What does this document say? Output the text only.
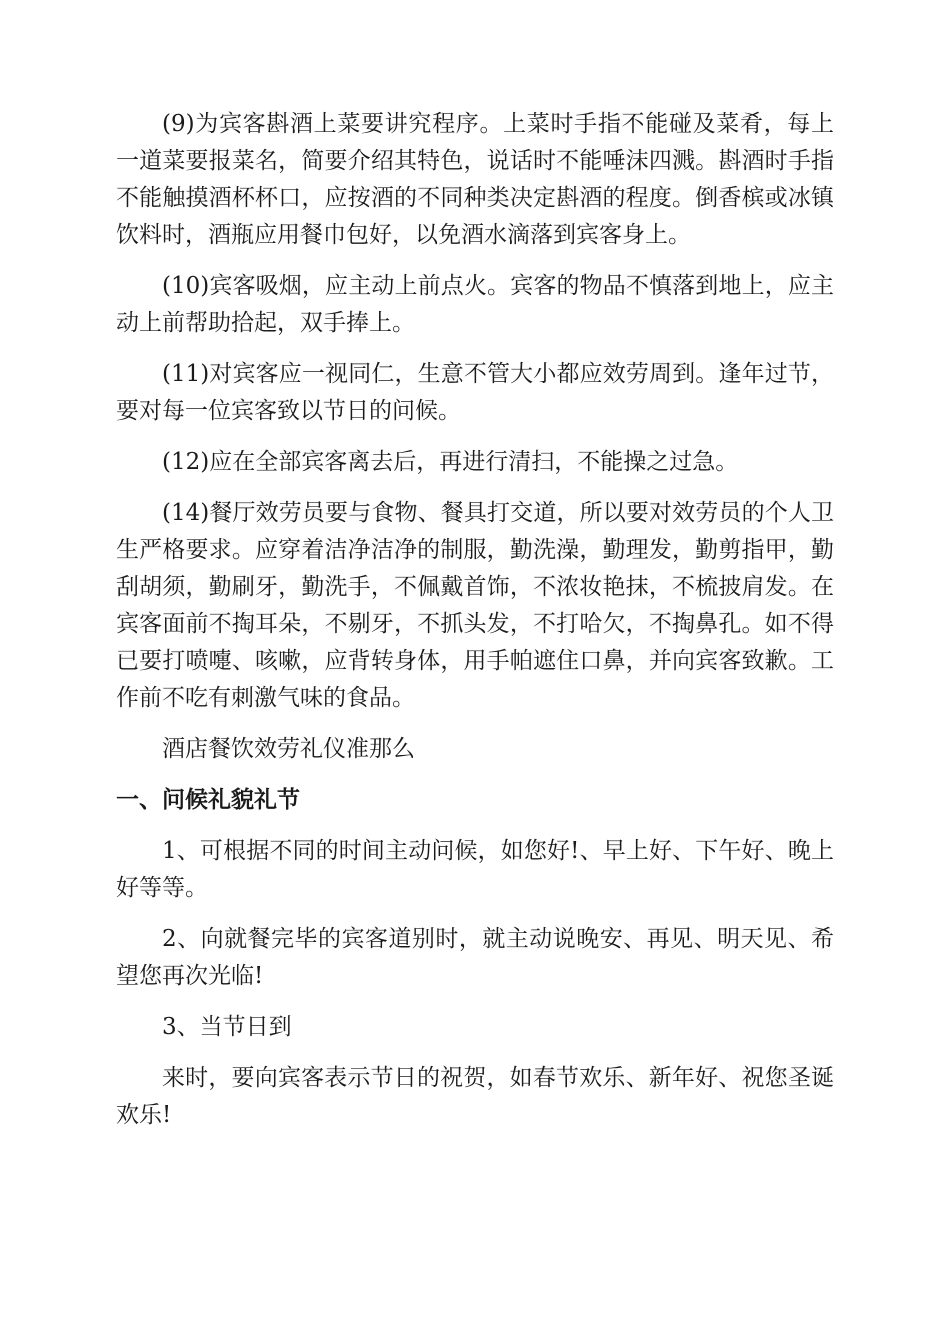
(9)为宾客斟酒上菜要讲究程序。上菜时手指不能碰及菜肴，每上一道菜要报菜名，简要介绍其特色，说话时不能唾沫四溅。斟酒时手指不能触摸酒杯杯口，应按酒的不同种类决定斟酒的程度。倒香槟或冰镇饮料时，酒瓶应用餐巾包好，以免酒水滴落到宾客身上。

(10)宾客吸烟，应主动上前点火。宾客的物品不慎落到地上，应主动上前帮助拾起，双手捧上。

(11)对宾客应一视同仁，生意不管大小都应效劳周到。逢年过节，要对每一位宾客致以节日的问候。

(12)应在全部宾客离去后，再进行清扫，不能操之过急。

(14)餐厅效劳员要与食物、餐具打交道，所以要对效劳员的个人卫生严格要求。应穿着洁净洁净的制服，勤洗澡，勤理发，勤剪指甲，勤刮胡须，勤刷牙，勤洗手，不佩戴首饰，不浓妆艳抹，不梳披肩发。在宾客面前不掏耳朵，不剔牙，不抓头发，不打哈欠，不掏鼻孔。如不得已要打喷嚏、咳嗽，应背转身体，用手帕遮住口鼻，并向宾客致歉。工作前不吃有刺激气味的食品。

酒店餐饮效劳礼仪准那么

一、问候礼貌礼节

1、可根据不同的时间主动问候，如您好!、早上好、下午好、晚上好等等。

2、向就餐完毕的宾客道别时，就主动说晚安、再见、明天见、希望您再次光临!

3、当节日到

来时，要向宾客表示节日的祝贺，如春节欢乐、新年好、祝您圣诞欢乐!
